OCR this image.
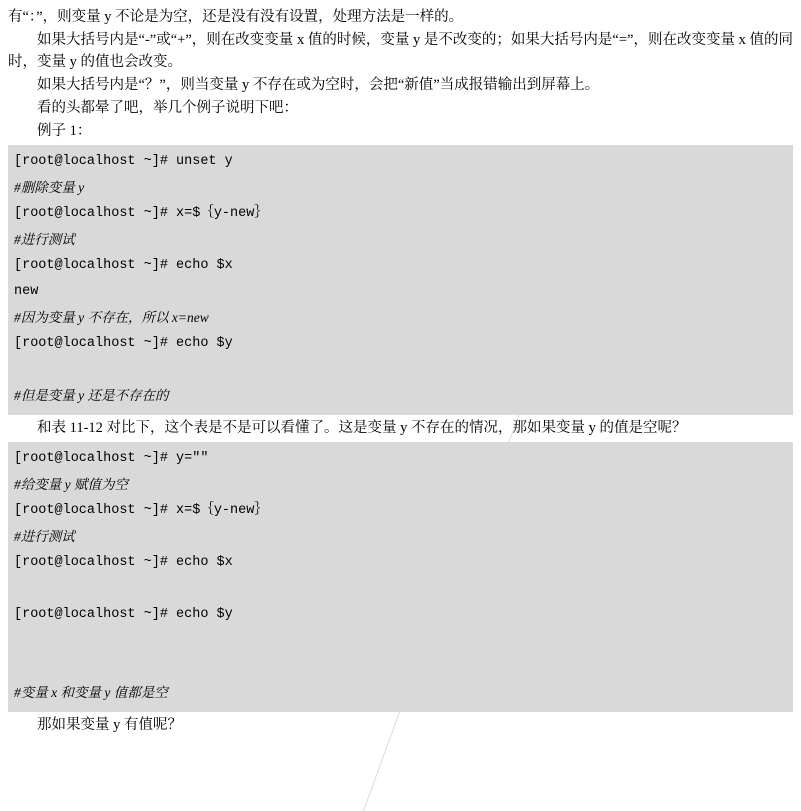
有“：”，则变量 y 不论是为空，还是没有没有设置，处理方法是一样的。

如果大括号内是“-”或“+”，则在改变变量 x 值的时候，变量 y 是不改变的；如果大括号内是“=”，则在改变变量 x 值的同时，变量 y 的值也会改变。

如果大括号内是“？”，则当变量 y 不存在或为空时，会把“新值”当成报错输出到屏幕上。

看的头都晕了吧，举几个例子说明下吧：

例子 1：

[root@localhost ~]# unset y
#删除变量 y
[root@localhost ~]# x=$｛y-new｝
#进行测试
[root@localhost ~]# echo $x
new
#因为变量 y 不存在，所以 x=new
[root@localhost ~]# echo $y
#但是变量 y 还是不存在的

和表 11-12 对比下，这个表是不是可以看懂了。这是变量 y 不存在的情况，那如果变量 y 的值是空呢？

[root@localhost ~]# y=""
#给变量 y 赋值为空
[root@localhost ~]# x=$｛y-new｝
#进行测试
[root@localhost ~]# echo $x
[root@localhost ~]# echo $y
#变量 x 和变量 y 值都是空

那如果变量 y 有值呢？
